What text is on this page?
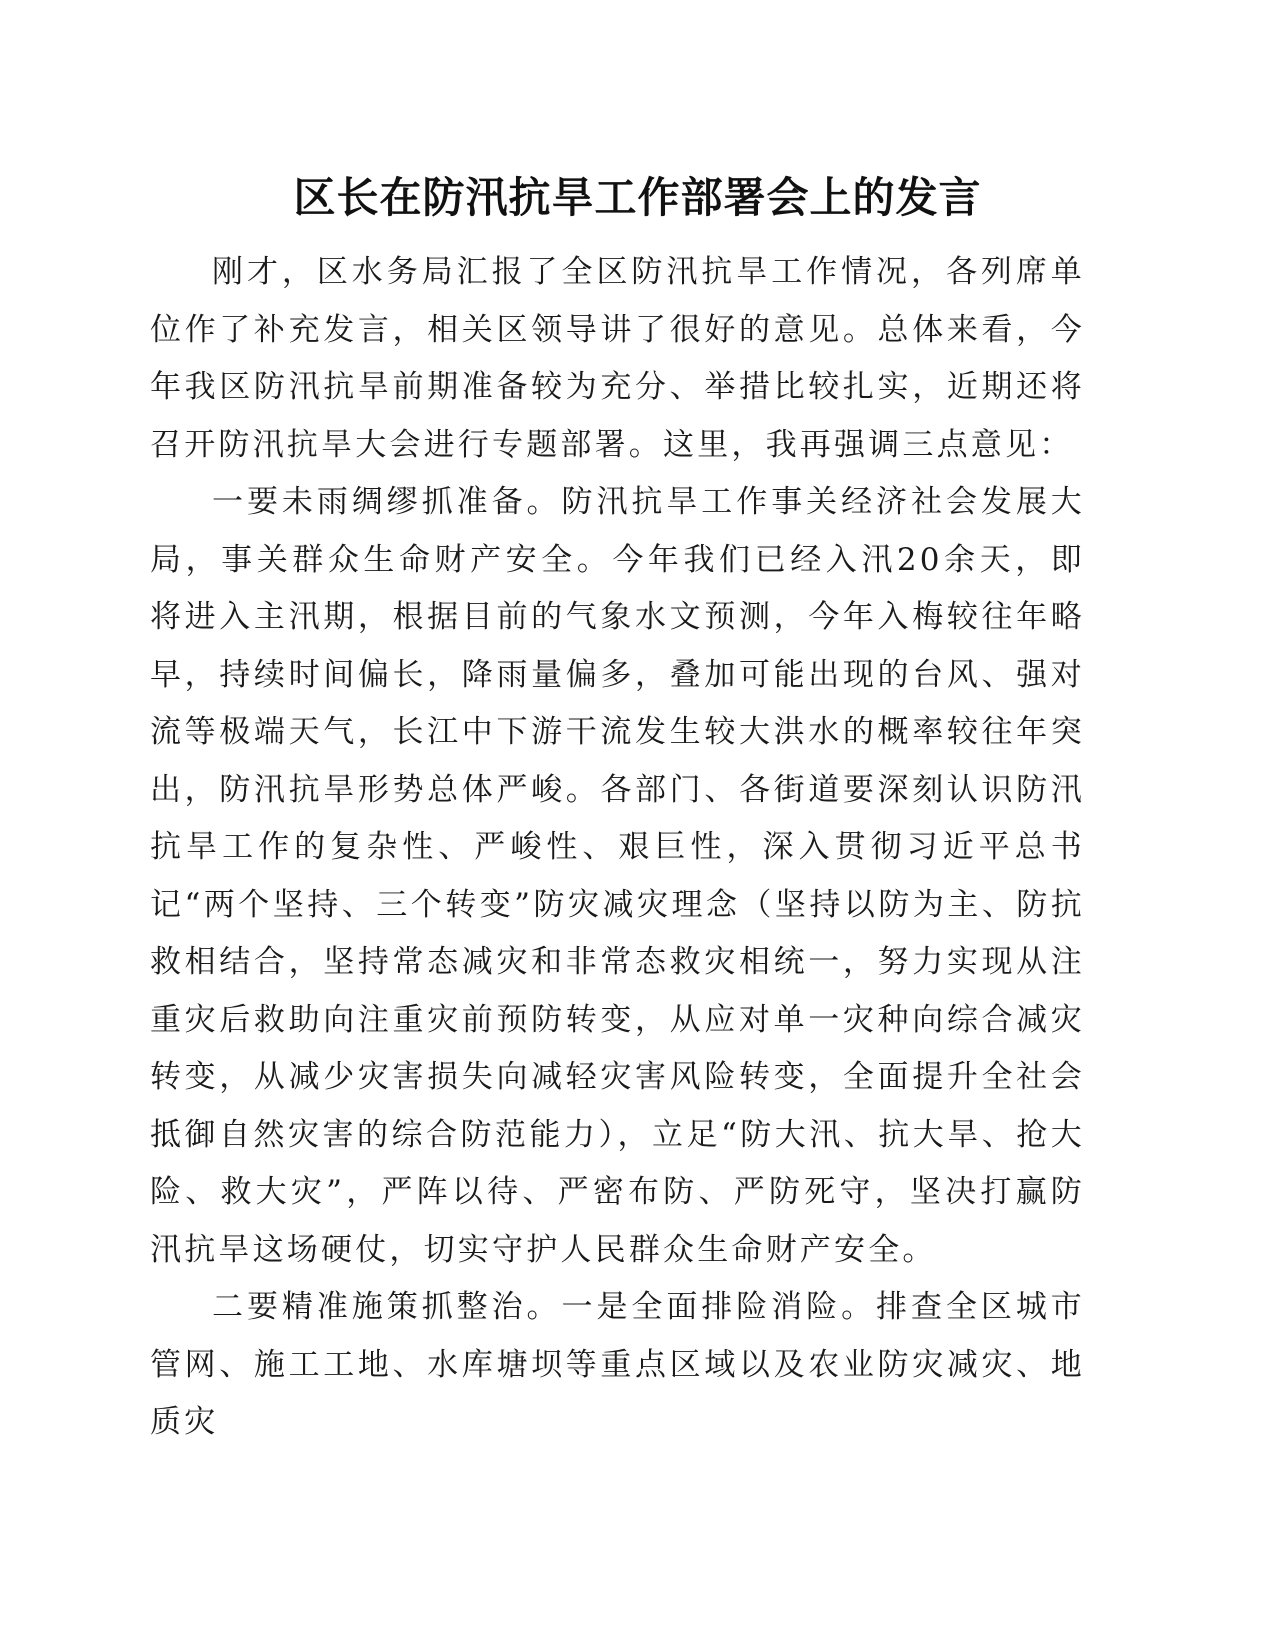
区长在防汛抗旱工作部署会上的发言

刚才，区水务局汇报了全区防汛抗旱工作情况，各列席单位作了补充发言，相关区领导讲了很好的意见。总体来看，今年我区防汛抗旱前期准备较为充分、举措比较扎实，近期还将召开防汛抗旱大会进行专题部署。这里，我再强调三点意见：

一要未雨绸缪抓准备。防汛抗旱工作事关经济社会发展大局，事关群众生命财产安全。今年我们已经入汛20余天，即将进入主汛期，根据目前的气象水文预测，今年入梅较往年略早，持续时间偏长，降雨量偏多，叠加可能出现的台风、强对流等极端天气，长江中下游干流发生较大洪水的概率较往年突出，防汛抗旱形势总体严峻。各部门、各街道要深刻认识防汛抗旱工作的复杂性、严峻性、艰巨性，深入贯彻习近平总书记“两个坚持、三个转变”防灾减灾理念（坚持以防为主、防抗救相结合，坚持常态减灾和非常态救灾相统一，努力实现从注重灾后救助向注重灾前预防转变，从应对单一灾种向综合减灾转变，从减少灾害损失向减轻灾害风险转变，全面提升全社会抵御自然灾害的综合防范能力），立足“防大汛、抗大旱、抢大险、救大灾”，严阵以待、严密布防、严防死守，坚决打赢防汛抗旱这场硬仗，切实守护人民群众生命财产安全。

二要精准施策抓整治。一是全面排险消险。排查全区城市管网、施工工地、水库塘坝等重点区域以及农业防灾减灾、地质灾
